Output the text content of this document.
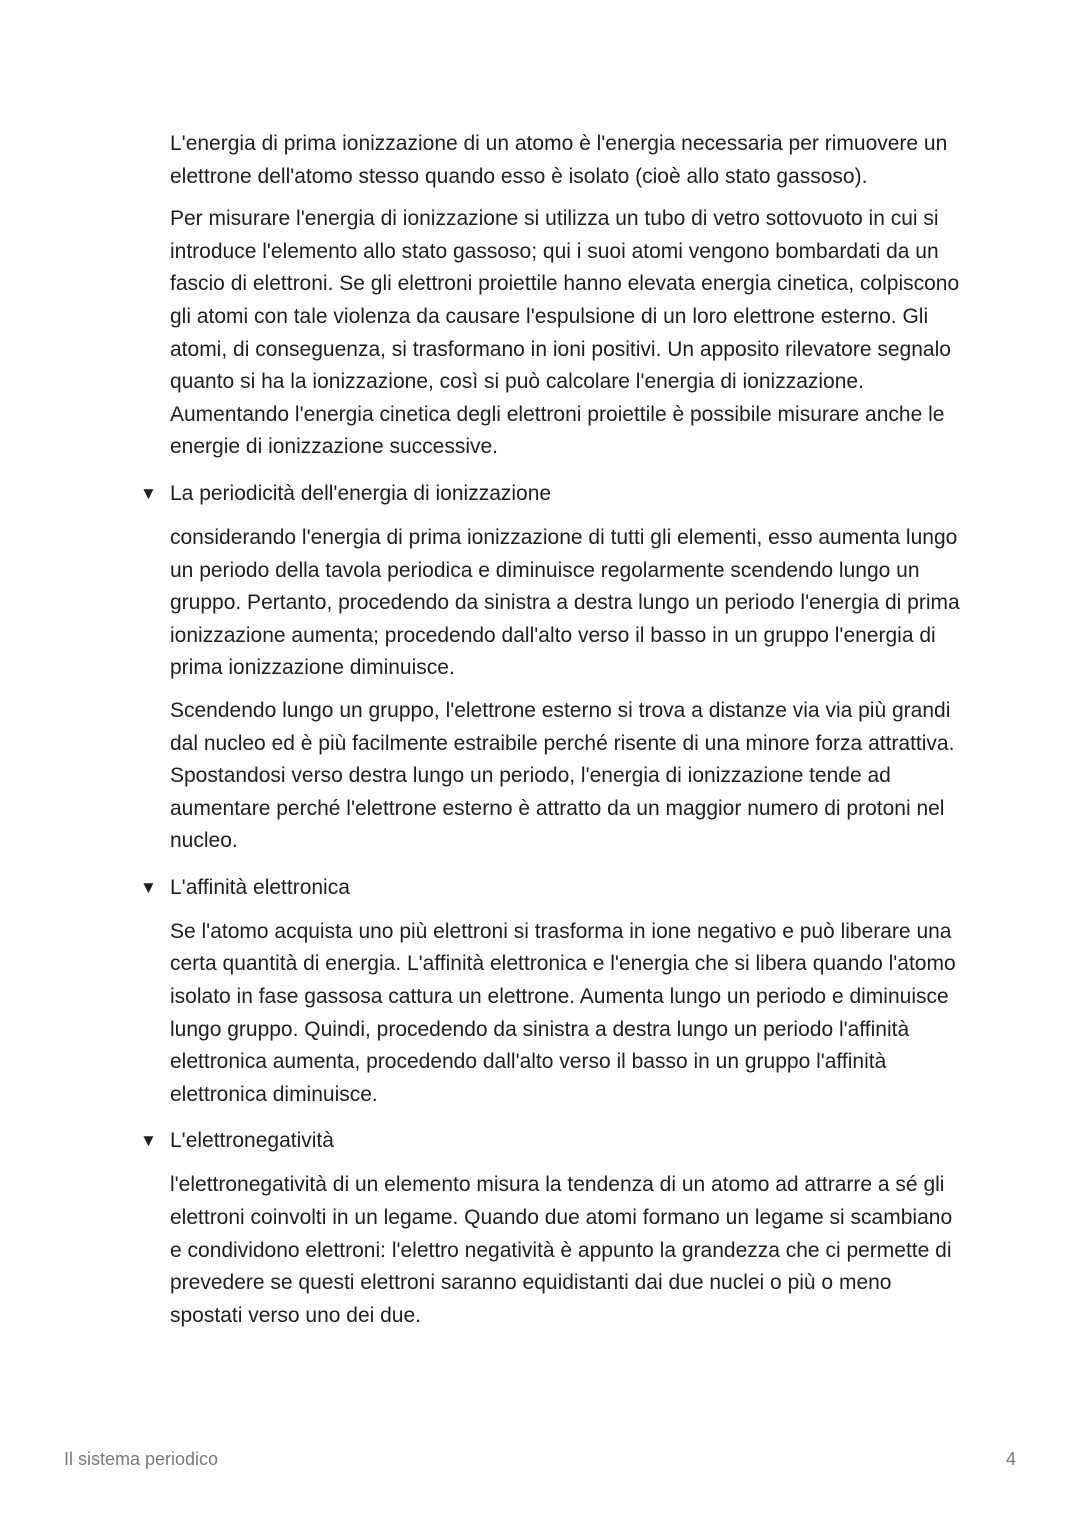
L'energia di prima ionizzazione di un atomo è l'energia necessaria per rimuovere un elettrone dell'atomo stesso quando esso è isolato (cioè allo stato gassoso).

Per misurare l'energia di ionizzazione si utilizza un tubo di vetro sottovuoto in cui si introduce l'elemento allo stato gassoso; qui i suoi atomi vengono bombardati da un fascio di elettroni. Se gli elettroni proiettile hanno elevata energia cinetica, colpiscono gli atomi con tale violenza da causare l'espulsione di un loro elettrone esterno. Gli atomi, di conseguenza, si trasformano in ioni positivi. Un apposito rilevatore segnalo quanto si ha la ionizzazione, così si può calcolare l'energia di ionizzazione. Aumentando l'energia cinetica degli elettroni proiettile è possibile misurare anche le energie di ionizzazione successive.

▼ La periodicità dell'energia di ionizzazione

considerando l'energia di prima ionizzazione di tutti gli elementi, esso aumenta lungo un periodo della tavola periodica e diminuisce regolarmente scendendo lungo un gruppo. Pertanto, procedendo da sinistra a destra lungo un periodo l'energia di prima ionizzazione aumenta; procedendo dall'alto verso il basso in un gruppo l'energia di prima ionizzazione diminuisce.

Scendendo lungo un gruppo, l'elettrone esterno si trova a distanze via via più grandi dal nucleo ed è più facilmente estraibile perché risente di una minore forza attrattiva. Spostandosi verso destra lungo un periodo, l'energia di ionizzazione tende ad aumentare perché l'elettrone esterno è attratto da un maggior numero di protoni nel nucleo.

▼ L'affinità elettronica

Se l'atomo acquista uno più elettroni si trasforma in ione negativo e può liberare una certa quantità di energia. L'affinità elettronica e l'energia che si libera quando l'atomo isolato in fase gassosa cattura un elettrone. Aumenta lungo un periodo e diminuisce lungo gruppo. Quindi, procedendo da sinistra a destra lungo un periodo l'affinità elettronica aumenta, procedendo dall'alto verso il basso in un gruppo l'affinità elettronica diminuisce.

▼ L'elettronegatività

l'elettronegatività di un elemento misura la tendenza di un atomo ad attrarre a sé gli elettroni coinvolti in un legame. Quando due atomi formano un legame si scambiano e condividono elettroni: l'elettro negatività è appunto la grandezza che ci permette di prevedere se questi elettroni saranno equidistanti dai due nuclei o più o meno spostati verso uno dei due.

Il sistema periodico	4
